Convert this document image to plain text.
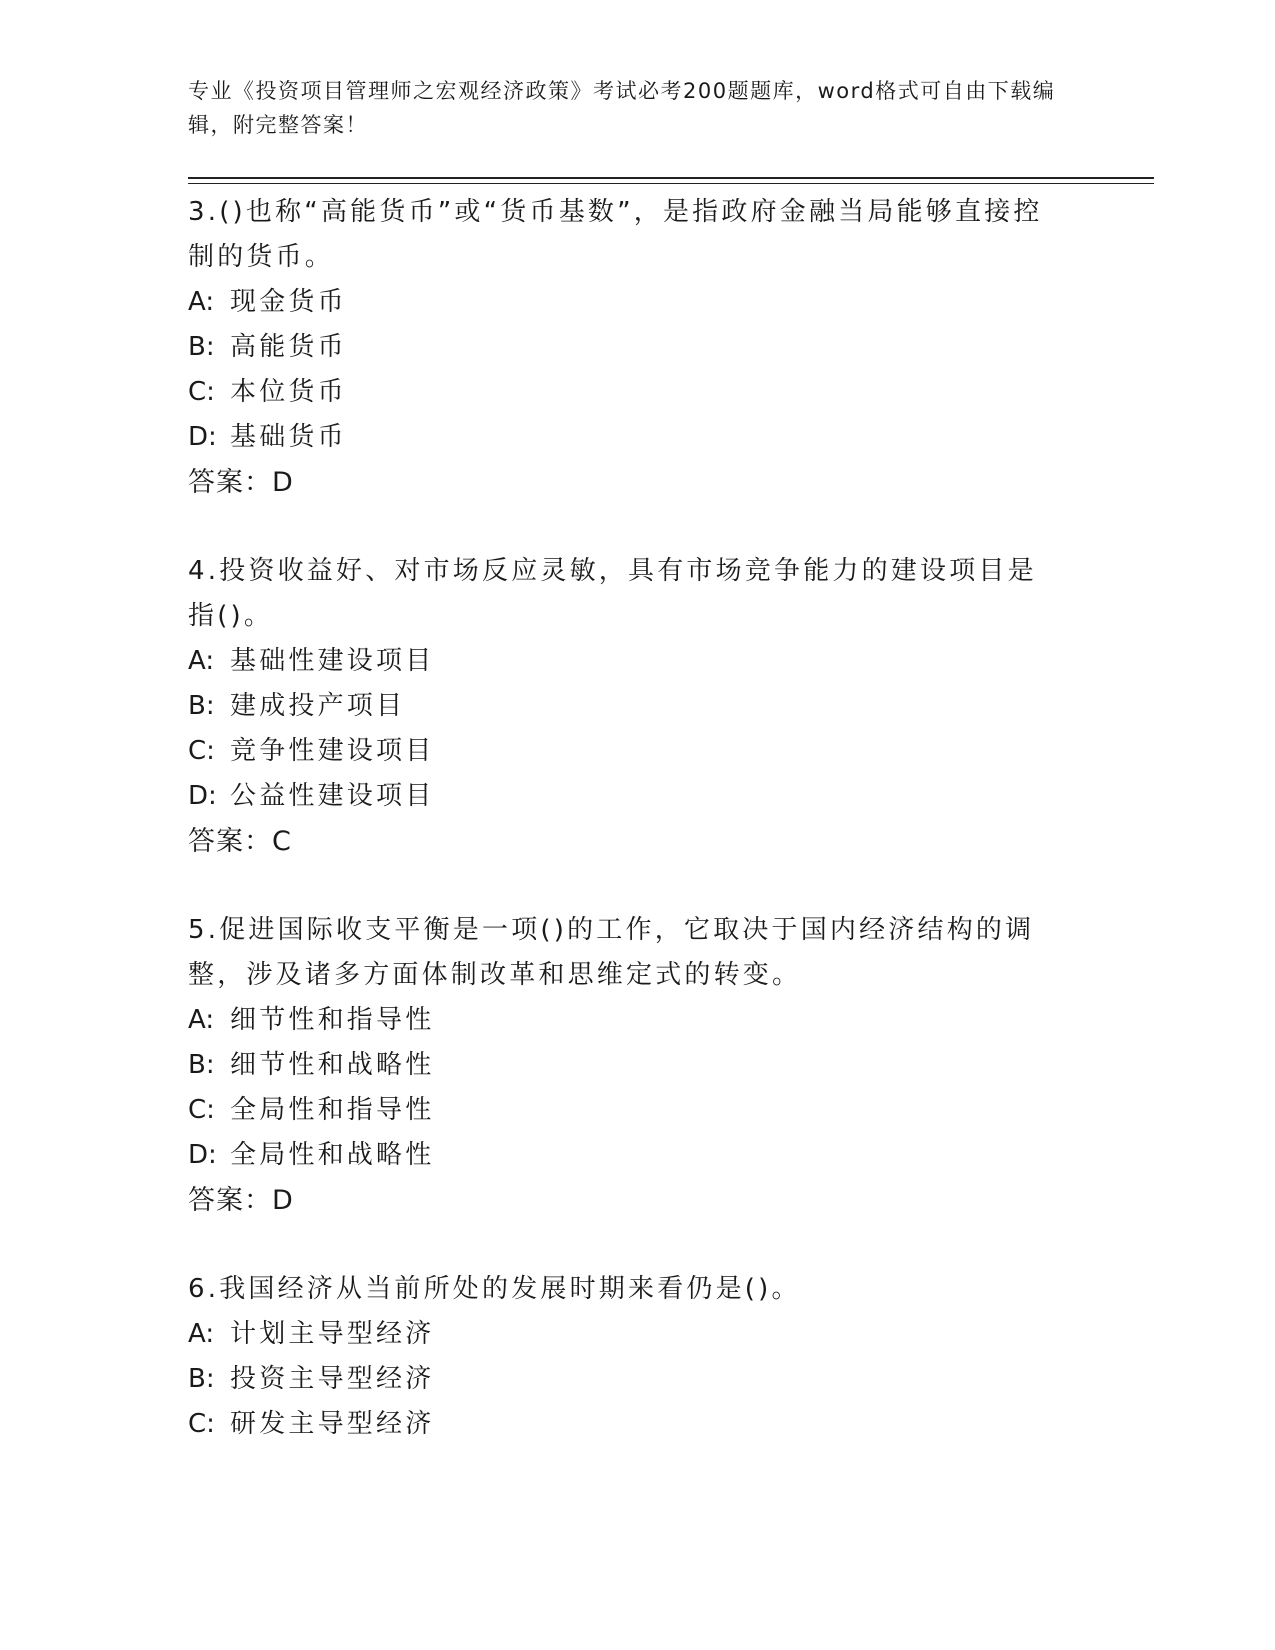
专业《投资项目管理师之宏观经济政策》考试必考200题题库，word格式可自由下载编辑，附完整答案！
3.()也称“高能货币”或“货币基数”，是指政府金融当局能够直接控制的货币。
A: 现金货币
B: 高能货币
C: 本位货币
D: 基础货币
答案：D
4.投资收益好、对市场反应灵敏，具有市场竞争能力的建设项目是指()。
A: 基础性建设项目
B: 建成投产项目
C: 竞争性建设项目
D: 公益性建设项目
答案：C
5.促进国际收支平衡是一项()的工作，它取决于国内经济结构的调整，涉及诸多方面体制改革和思维定式的转变。
A: 细节性和指导性
B: 细节性和战略性
C: 全局性和指导性
D: 全局性和战略性
答案：D
6.我国经济从当前所处的发展时期来看仍是()。
A: 计划主导型经济
B: 投资主导型经济
C: 研发主导型经济
